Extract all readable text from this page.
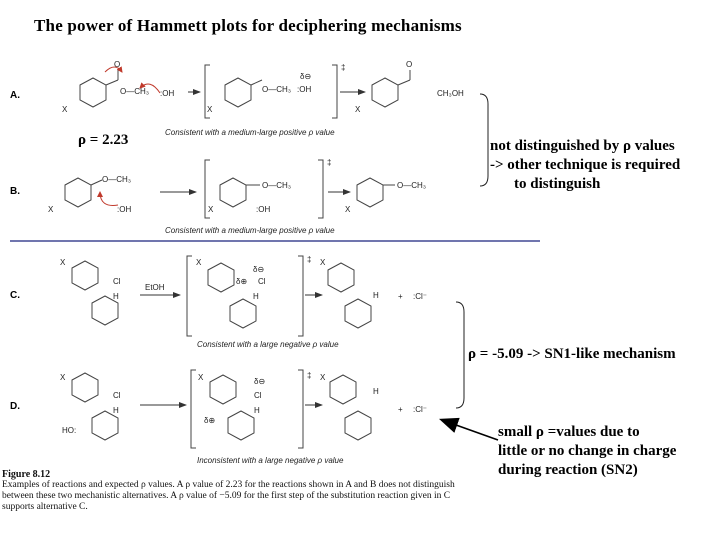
The power of Hammett plots for deciphering mechanisms
A.
B.
C.
D.
Consistent with a medium-large positive ρ value
Consistent with a medium-large positive ρ value
Consistent with a large negative ρ value
Inconsistent with a large negative ρ value
X
O
O—CH₃ :OH
X
O—CH₃ :OH
δ⊖
‡
X
O
CH₃OH
X
O—CH₃
:OH	X
O—CH₃
:OH
‡
X
O—CH₃
X
Cl
H
EtOH
X
Cl
H
δ⊖
δ⊕
‡ X
H + :Cl⁻
X
Cl
H
HO:
X
Cl
H
δ⊖
δ⊕
‡ X
H
+ :Cl⁻
ρ = 2.23	not distinguished by ρ values
-> other technique is required
to distinguish
ρ = -5.09 -> SN1-like mechanism
small ρ =values due to
little or no change in charge
during reaction (SN2)
Figure 8.12
Examples of reactions and expected ρ values. A ρ value of 2.23 for the reactions shown in A and B does not distinguish between these two mechanistic alternatives. A ρ value of −5.09 for the first step of the substitution reaction given in C supports alternative C.
